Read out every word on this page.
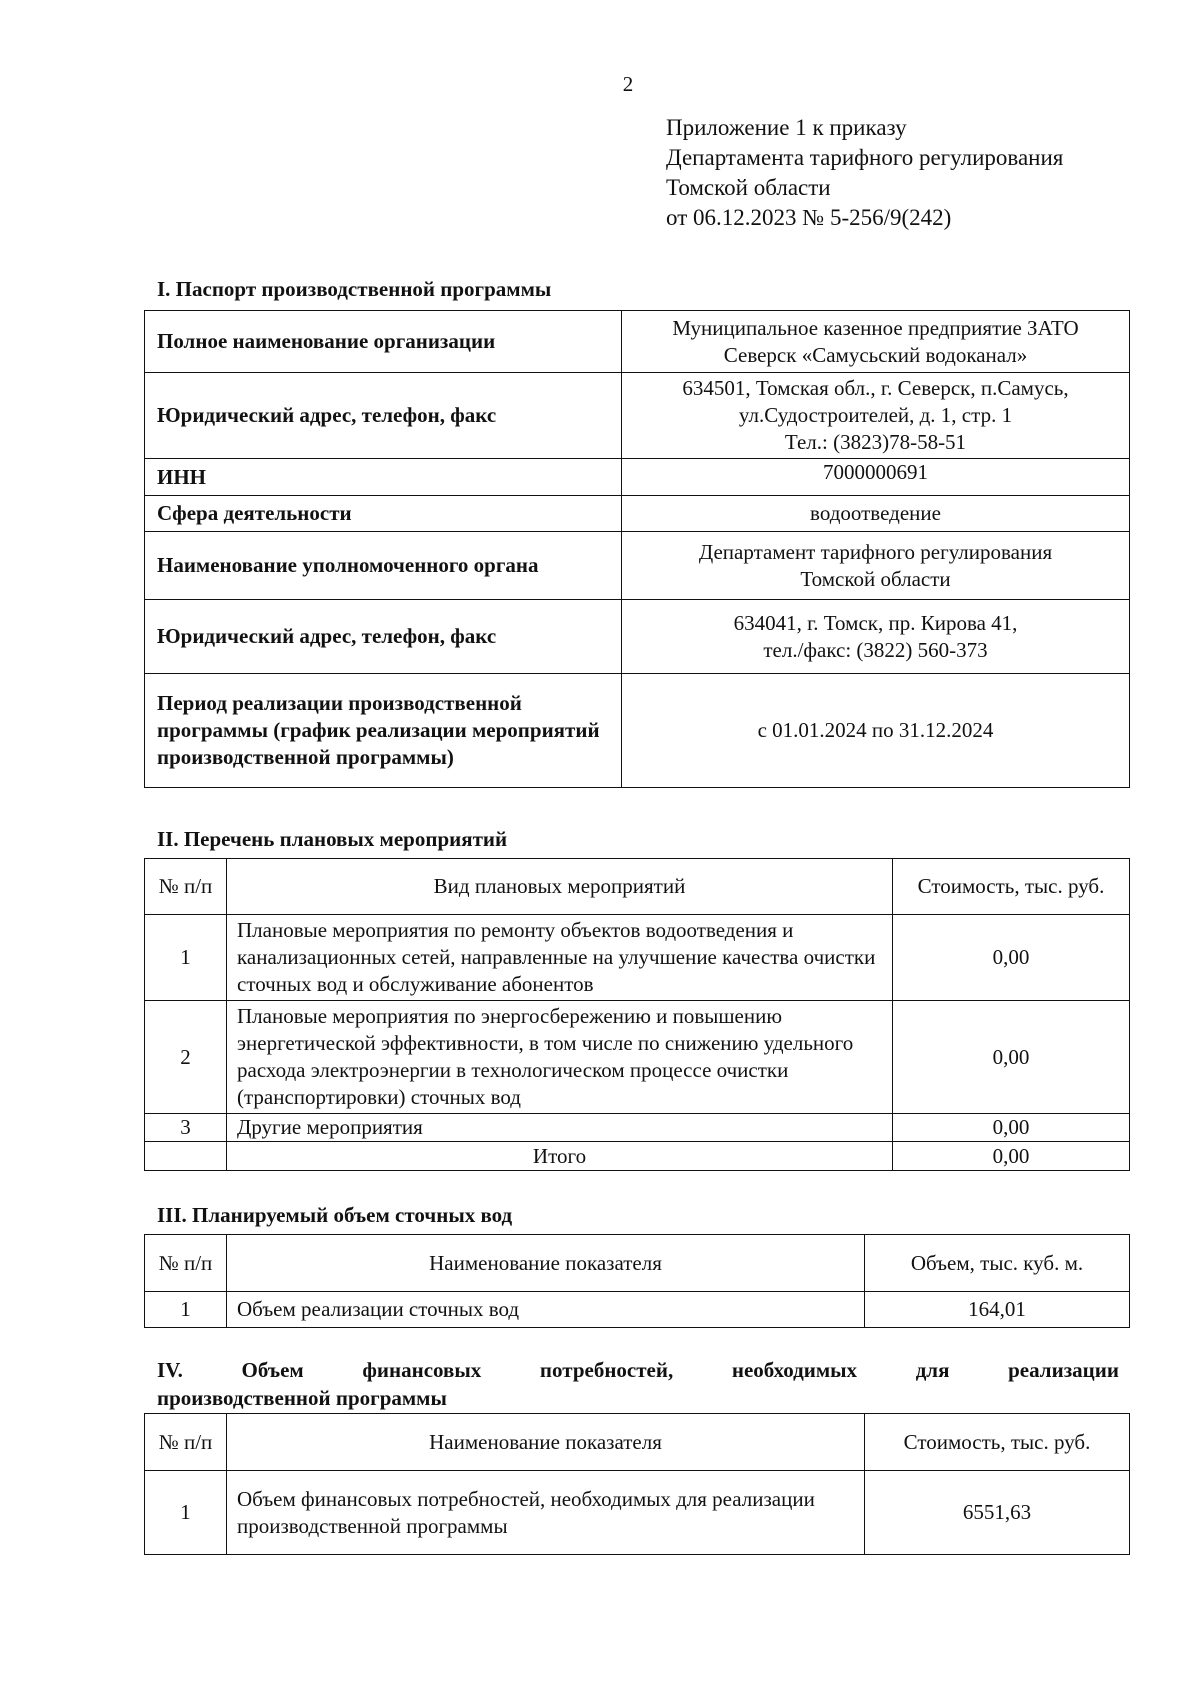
2
Приложение 1 к приказу
Департамента тарифного регулирования
Томской области
от 06.12.2023 № 5-256/9(242)
I. Паспорт производственной программы
Полное наименование организации	Муниципальное казенное предприятие ЗАТО
Северск «Самусьский водоканал»

Юридический адрес, телефон, факс	634501, Томская обл., г. Северск, п.Самусь,
ул.Судостроителей, д. 1, стр. 1
Тел.: (3823)78-58-51

ИНН	7000000691

Сфера деятельности	водоотведение

Наименование уполномоченного органа	Департамент тарифного регулирования
Томской области

Юридический адрес, телефон, факс	634041, г. Томск, пр. Кирова 41,
тел./факс: (3822) 560-373

Период реализации производственной программы (график реализации мероприятий производственной программы)	с 01.01.2024 по 31.12.2024
II. Перечень плановых мероприятий
№ п/п	Вид плановых мероприятий	Стоимость, тыс. руб.
1	Плановые мероприятия по ремонту объектов водоотведения и канализационных сетей, направленные на улучшение качества очистки сточных вод и обслуживание абонентов	0,00
2	Плановые мероприятия по энергосбережению и повышению энергетической эффективности, в том числе по снижению удельного расхода электроэнергии в технологическом процессе очистки (транспортировки) сточных вод	0,00
3	Другие мероприятия	0,00
	Итого	0,00
III. Планируемый объем сточных вод
№ п/п	Наименование показателя	Объем, тыс. куб. м.
1	Объем реализации сточных вод	164,01
IV.	Объем	финансовых	потребностей,	необходимых	для	реализации
производственной программы
№ п/п	Наименование показателя	Стоимость, тыс. руб.
1	Объем финансовых потребностей, необходимых для реализации производственной программы	6551,63
